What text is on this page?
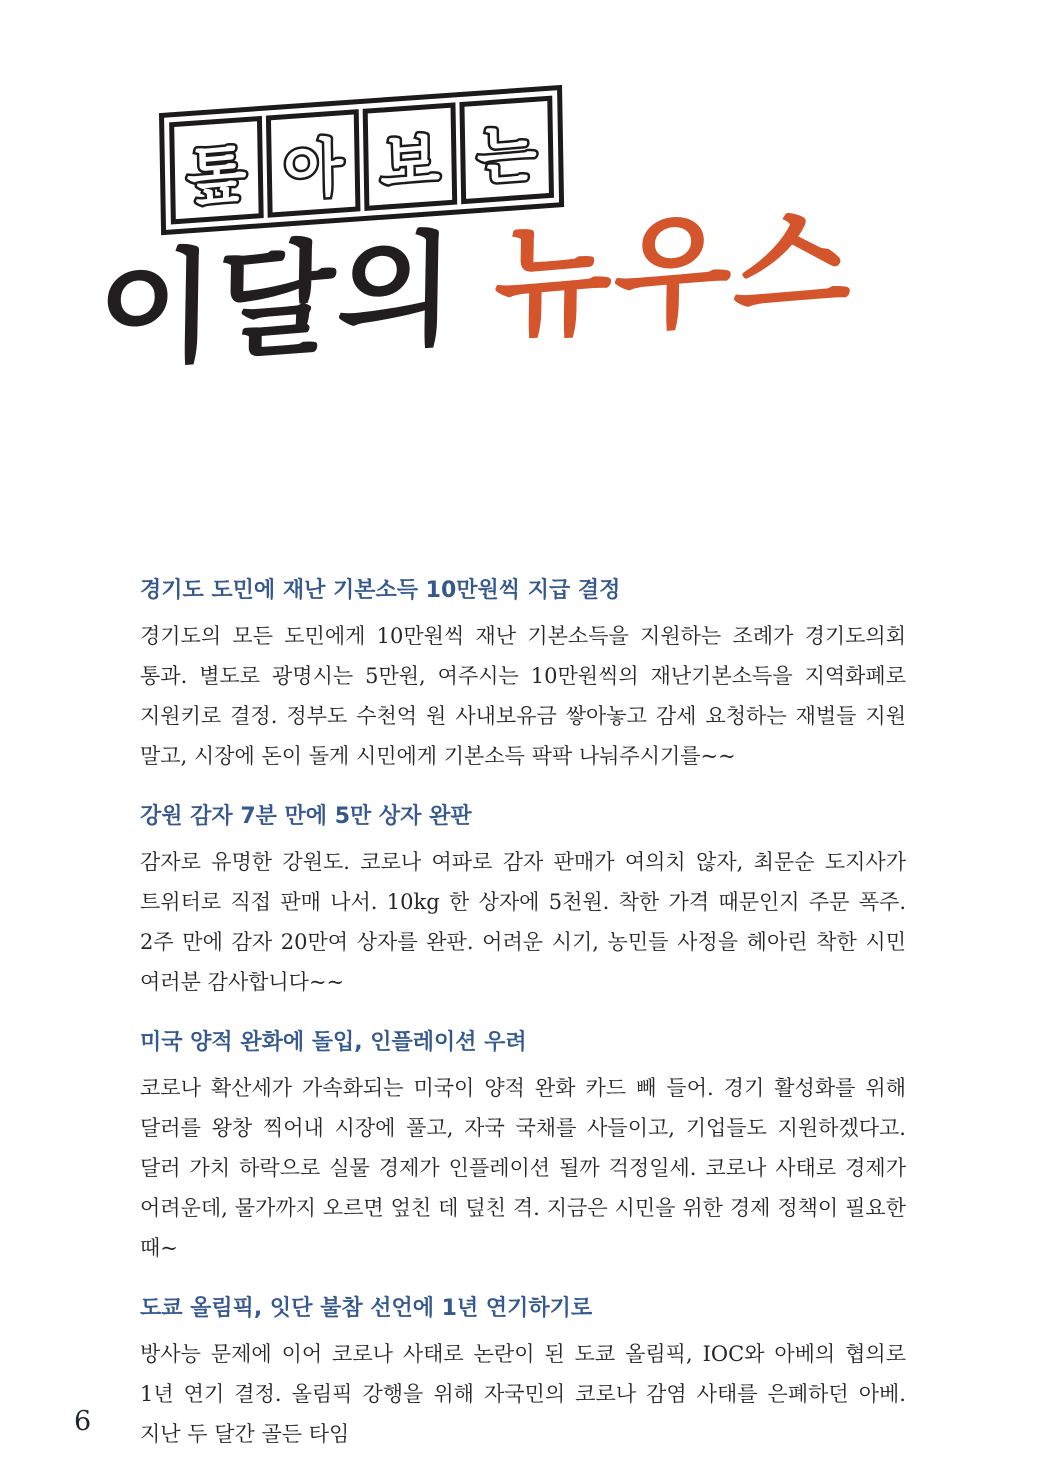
톺 아 보 는
이달의 뉴우스
경기도 도민에 재난 기본소득 10만원씩 지급 결정

경기도의 모든 도민에게 10만원씩 재난 기본소득을 지원하는 조례가 경기도의회 통과. 별도로 광명시는 5만원, 여주시는 10만원씩의 재난기본소득을 지역화폐로 지원키로 결정. 정부도 수천억 원 사내보유금 쌓아놓고 감세 요청하는 재벌들 지원 말고, 시장에 돈이 돌게 시민에게 기본소득 팍팍 나눠주시기를~~

강원 감자 7분 만에 5만 상자 완판

감자로 유명한 강원도. 코로나 여파로 감자 판매가 여의치 않자, 최문순 도지사가 트위터로 직접 판매 나서. 10kg 한 상자에 5천원. 착한 가격 때문인지 주문 폭주. 2주 만에 감자 20만여 상자를 완판. 어려운 시기, 농민들 사정을 헤아린 착한 시민 여러분 감사합니다~~

미국 양적 완화에 돌입, 인플레이션 우려

코로나 확산세가 가속화되는 미국이 양적 완화 카드 빼 들어. 경기 활성화를 위해 달러를 왕창 찍어내 시장에 풀고, 자국 국채를 사들이고, 기업들도 지원하겠다고. 달러 가치 하락으로 실물 경제가 인플레이션 될까 걱정일세. 코로나 사태로 경제가 어려운데, 물가까지 오르면 엎친 데 덮친 격. 지금은 시민을 위한 경제 정책이 필요한 때~

도쿄 올림픽, 잇단 불참 선언에 1년 연기하기로

방사능 문제에 이어 코로나 사태로 논란이 된 도쿄 올림픽, IOC와 아베의 협의로 1년 연기 결정. 올림픽 강행을 위해 자국민의 코로나 감염 사태를 은폐하던 아베. 지난 두 달간 골든 타임

6
